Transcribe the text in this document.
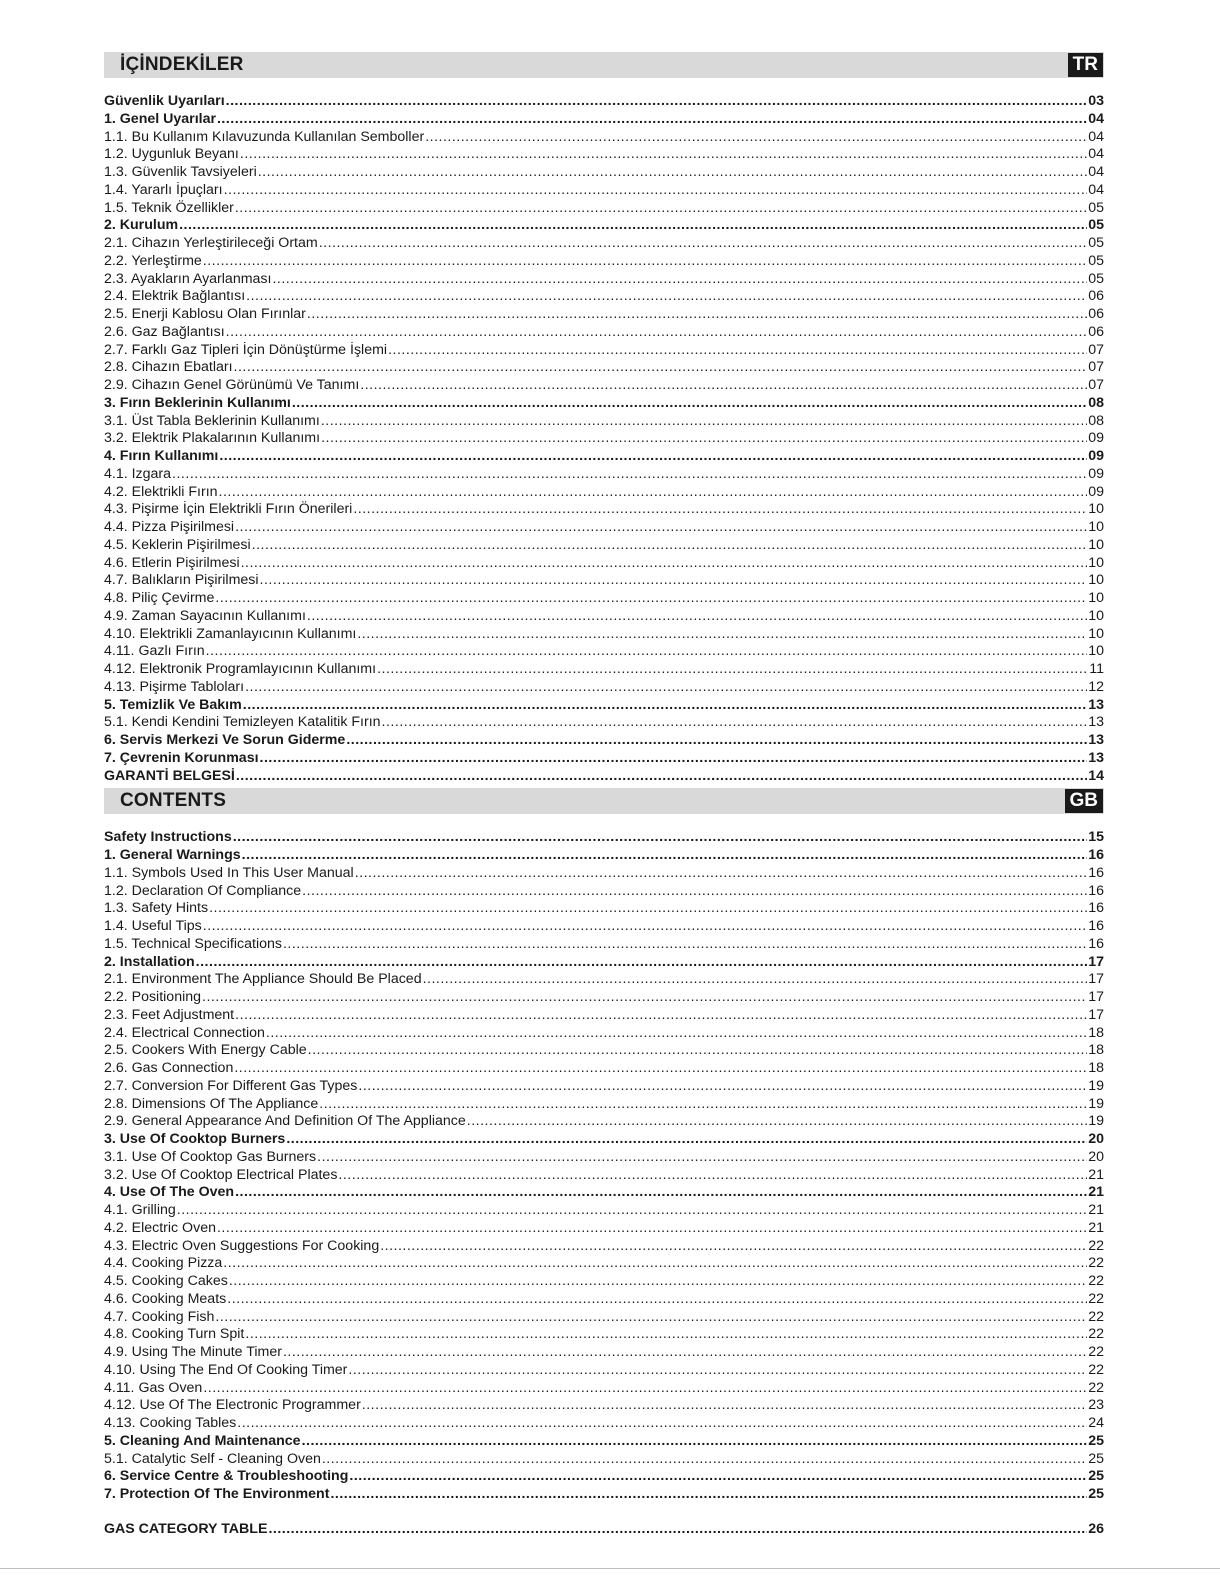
İÇİNDEKİLER	TR
Güvenlik Uyarıları .....	03
1. Genel Uyarılar .....	04
1.1. Bu Kullanım Kılavuzunda Kullanılan Semboller .....	04
1.2. Uygunluk Beyanı .....	04
1.3. Güvenlik Tavsiyeleri .....	04
1.4. Yararlı İpuçları .....	04
1.5. Teknik Özellikler .....	05
2. Kurulum .....	05
2.1. Cihazın Yerleştirileceği Ortam .....	05
2.2. Yerleştirme .....	05
2.3. Ayakların Ayarlanması .....	05
2.4. Elektrik Bağlantısı .....	06
2.5. Enerji Kablosu Olan Fırınlar .....	06
2.6. Gaz Bağlantısı .....	06
2.7. Farklı Gaz Tipleri İçin Dönüştürme İşlemi .....	07
2.8. Cihazın Ebatları .....	07
2.9. Cihazın Genel Görünümü Ve Tanımı .....	07
3. Fırın Beklerinin Kullanımı .....	08
3.1. Üst Tabla Beklerinin Kullanımı .....	08
3.2. Elektrik Plakalarının Kullanımı .....	09
4. Fırın Kullanımı .....	09
4.1. Izgara .....	09
4.2. Elektrikli Fırın .....	09
4.3. Pişirme İçin Elektrikli Fırın Önerileri .....	10
4.4. Pizza Pişirilmesi .....	10
4.5. Keklerin Pişirilmesi .....	10
4.6. Etlerin Pişirilmesi .....	10
4.7. Balıkların Pişirilmesi .....	10
4.8. Piliç Çevirme .....	10
4.9. Zaman Sayacının Kullanımı .....	10
4.10. Elektrikli Zamanlayıcının Kullanımı .....	10
4.11. Gazlı Fırın .....	10
4.12. Elektronik Programlayıcının Kullanımı .....	11
4.13. Pişirme Tabloları .....	12
5. Temizlik Ve Bakım .....	13
5.1. Kendi Kendini Temizleyen Katalitik Fırın .....	13
6. Servis Merkezi Ve Sorun Giderme .....	13
7. Çevrenin Korunması .....	13
GARANTİ BELGESİ .....	14
CONTENTS	GB
Safety Instructions .....	15
1. General Warnings .....	16
1.1. Symbols Used In This User Manual .....	16
1.2. Declaration Of Compliance .....	16
1.3. Safety Hints .....	16
1.4. Useful Tips .....	16
1.5. Technical Specifications .....	16
2. Installation .....	17
2.1. Environment The Appliance Should Be Placed .....	17
2.2. Positioning .....	17
2.3. Feet Adjustment .....	17
2.4. Electrical Connection .....	18
2.5. Cookers With Energy Cable .....	18
2.6. Gas Connection .....	18
2.7. Conversion For Different Gas Types .....	19
2.8. Dimensions Of The Appliance .....	19
2.9. General Appearance And Definition Of The Appliance .....	19
3. Use Of Cooktop Burners .....	20
3.1. Use Of Cooktop Gas Burners .....	20
3.2. Use Of Cooktop Electrical Plates .....	21
4. Use Of The Oven .....	21
4.1. Grilling .....	21
4.2. Electric Oven .....	21
4.3. Electric Oven Suggestions For Cooking .....	22
4.4. Cooking Pizza .....	22
4.5. Cooking Cakes .....	22
4.6. Cooking Meats .....	22
4.7. Cooking Fish .....	22
4.8. Cooking Turn Spit .....	22
4.9. Using The Minute Timer .....	22
4.10. Using The End Of Cooking Timer .....	22
4.11. Gas Oven .....	22
4.12. Use Of The Electronic Programmer .....	23
4.13. Cooking Tables .....	24
5. Cleaning And Maintenance .....	25
5.1. Catalytic Self - Cleaning Oven .....	25
6. Service Centre & Troubleshooting .....	25
7. Protection Of The Environment .....	25
GAS CATEGORY TABLE .....	26
